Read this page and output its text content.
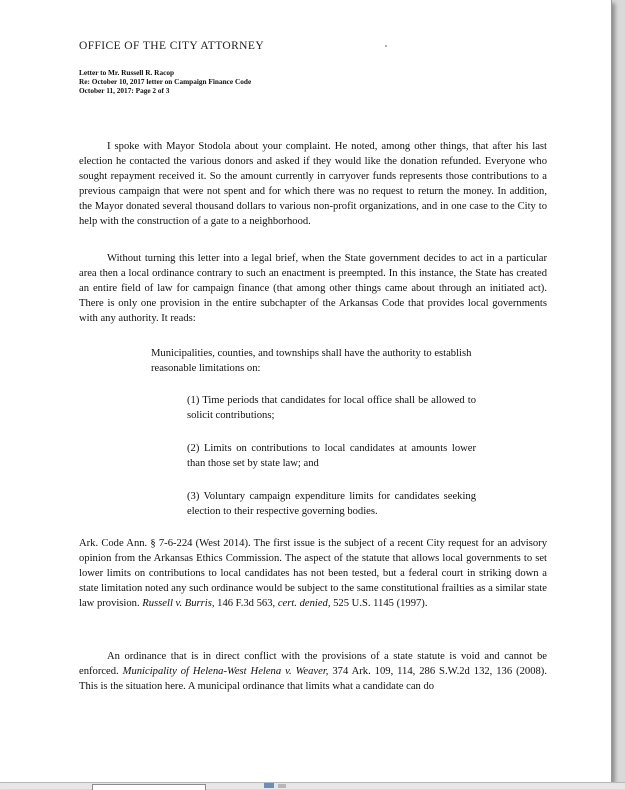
OFFICE OF THE CITY ATTORNEY
Letter to Mr. Russell R. Racop
Re: October 10, 2017 letter on Campaign Finance Code
October 11, 2017: Page 2 of 3
I spoke with Mayor Stodola about your complaint. He noted, among other things, that after his last election he contacted the various donors and asked if they would like the donation refunded. Everyone who sought repayment received it. So the amount currently in carryover funds represents those contributions to a previous campaign that were not spent and for which there was no request to return the money. In addition, the Mayor donated several thousand dollars to various non-profit organizations, and in one case to the City to help with the construction of a gate to a neighborhood.
Without turning this letter into a legal brief, when the State government decides to act in a particular area then a local ordinance contrary to such an enactment is preempted. In this instance, the State has created an entire field of law for campaign finance (that among other things came about through an initiated act). There is only one provision in the entire subchapter of the Arkansas Code that provides local governments with any authority. It reads:
Municipalities, counties, and townships shall have the authority to establish reasonable limitations on:
(1) Time periods that candidates for local office shall be allowed to solicit contributions;
(2) Limits on contributions to local candidates at amounts lower than those set by state law; and
(3) Voluntary campaign expenditure limits for candidates seeking election to their respective governing bodies.
Ark. Code Ann. § 7-6-224 (West 2014). The first issue is the subject of a recent City request for an advisory opinion from the Arkansas Ethics Commission. The aspect of the statute that allows local governments to set lower limits on contributions to local candidates has not been tested, but a federal court in striking down a state limitation noted any such ordinance would be subject to the same constitutional frailties as a similar state law provision. Russell v. Burris, 146 F.3d 563, cert. denied, 525 U.S. 1145 (1997).
An ordinance that is in direct conflict with the provisions of a state statute is void and cannot be enforced. Municipality of Helena-West Helena v. Weaver, 374 Ark. 109, 114, 286 S.W.2d 132, 136 (2008). This is the situation here. A municipal ordinance that limits what a candidate can do
